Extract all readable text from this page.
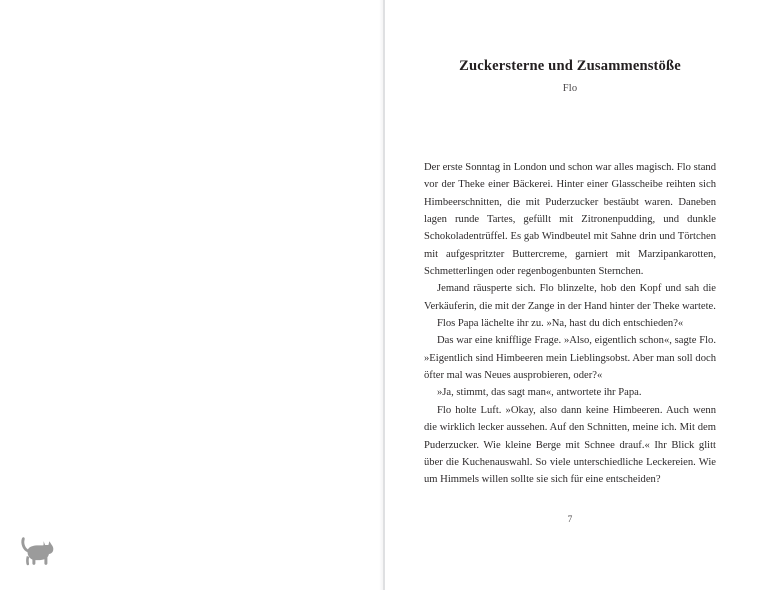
Zuckersterne und Zusammenstöße
Flo

Der erste Sonntag in London und schon war alles magisch. Flo stand vor der Theke einer Bäckerei. Hinter einer Glasscheibe reihten sich Himbeerschnitten, die mit Puderzucker bestäubt waren. Daneben lagen runde Tartes, gefüllt mit Zitronenpudding, und dunkle Schokoladentrüffel. Es gab Windbeutel mit Sahne drin und Törtchen mit aufgespritzter Buttercreme, garniert mit Marzipankarotten, Schmetterlingen oder regenbogenbunten Sternchen.

Jemand räusperte sich. Flo blinzelte, hob den Kopf und sah die Verkäuferin, die mit der Zange in der Hand hinter der Theke wartete.

Flos Papa lächelte ihr zu. »Na, hast du dich entschieden?«

Das war eine knifflige Frage. »Also, eigentlich schon«, sagte Flo. »Eigentlich sind Himbeeren mein Lieblingsobst. Aber man soll doch öfter mal was Neues ausprobieren, oder?«

»Ja, stimmt, das sagt man«, antwortete ihr Papa.

Flo holte Luft. »Okay, also dann keine Himbeeren. Auch wenn die wirklich lecker aussehen. Auf den Schnitten, meine ich. Mit dem Puderzucker. Wie kleine Berge mit Schnee drauf.« Ihr Blick glitt über die Kuchenauswahl. So viele unterschiedliche Leckereien. Wie um Himmels willen sollte sie sich für eine entscheiden?

7
